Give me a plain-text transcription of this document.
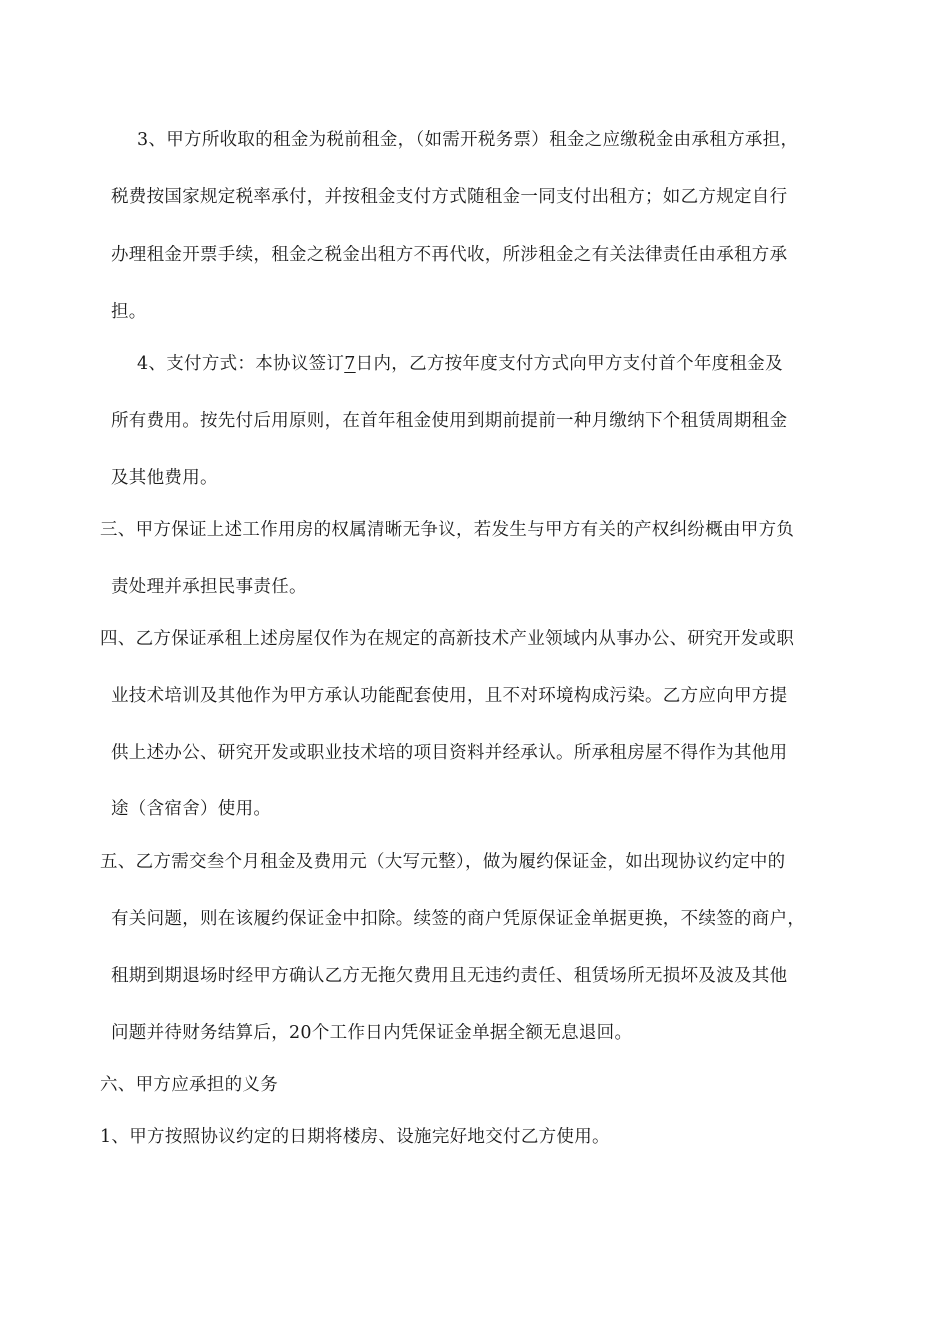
3、甲方所收取的租金为税前租金，（如需开税务票）租金之应缴税金由承租方承担，
税费按国家规定税率承付，并按租金支付方式随租金一同支付出租方；如乙方规定自行
办理租金开票手续，租金之税金出租方不再代收，所涉租金之有关法律责任由承租方承
担。
4、支付方式：本协议签订7日内，乙方按年度支付方式向甲方支付首个年度租金及
所有费用。按先付后用原则，在首年租金使用到期前提前一种月缴纳下个租赁周期租金
及其他费用。
三、甲方保证上述工作用房的权属清晰无争议，若发生与甲方有关的产权纠纷概由甲方负
责处理并承担民事责任。
四、乙方保证承租上述房屋仅作为在规定的高新技术产业领域内从事办公、研究开发或职
业技术培训及其他作为甲方承认功能配套使用，且不对环境构成污染。乙方应向甲方提
供上述办公、研究开发或职业技术培的项目资料并经承认。所承租房屋不得作为其他用
途（含宿舍）使用。
五、乙方需交叁个月租金及费用元（大写元整），做为履约保证金，如出现协议约定中的
有关问题，则在该履约保证金中扣除。续签的商户凭原保证金单据更换，不续签的商户，
租期到期退场时经甲方确认乙方无拖欠费用且无违约责任、租赁场所无损坏及波及其他
问题并待财务结算后，20个工作日内凭保证金单据全额无息退回。
六、甲方应承担的义务
1、甲方按照协议约定的日期将楼房、设施完好地交付乙方使用。
